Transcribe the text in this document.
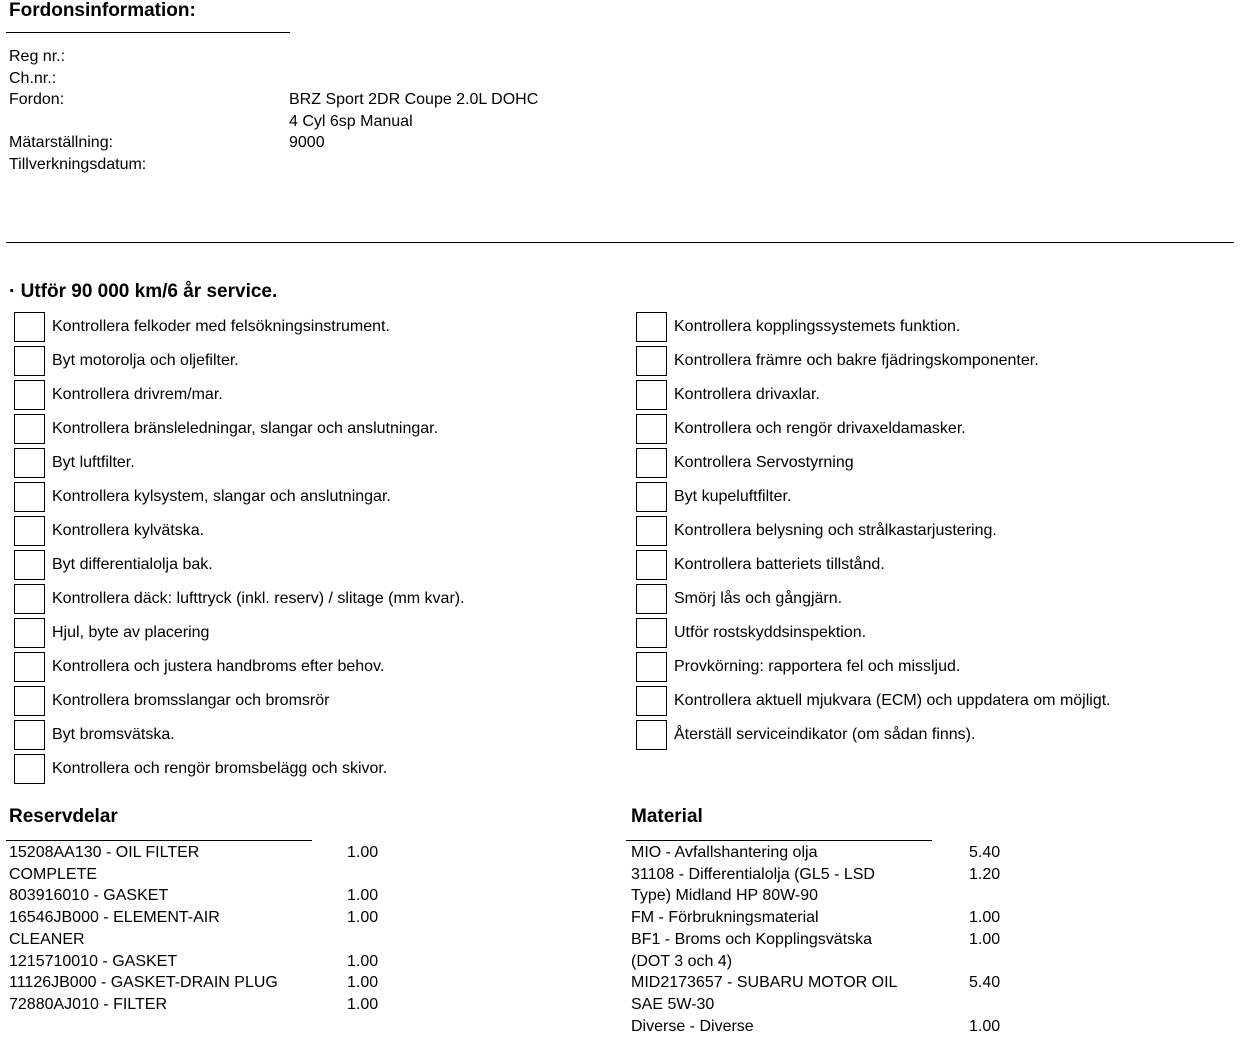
Fordonsinformation:
Reg nr.:
Ch.nr.:
Fordon:	BRZ Sport 2DR Coupe 2.0L DOHC
4 Cyl 6sp Manual
Mätarställning:	9000
Tillverkningsdatum:
· Utför 90 000 km/6 år service.
Kontrollera felkoder med felsökningsinstrument.
Byt motorolja och oljefilter.
Kontrollera drivrem/mar.
Kontrollera bränsleledningar, slangar och anslutningar.
Byt luftfilter.
Kontrollera kylsystem, slangar och anslutningar.
Kontrollera kylvätska.
Byt differentialolja bak.
Kontrollera däck: lufttryck (inkl. reserv) / slitage (mm kvar).
Hjul, byte av placering
Kontrollera och justera handbroms efter behov.
Kontrollera bromsslangar och bromsrör
Byt bromsvätska.
Kontrollera och rengör bromsbelägg och skivor.
Kontrollera kopplingssystemets funktion.
Kontrollera främre och bakre fjädringskomponenter.
Kontrollera drivaxlar.
Kontrollera och rengör drivaxeldamasker.
Kontrollera Servostyrning
Byt kupeluftfilter.
Kontrollera belysning och strålkastarjustering.
Kontrollera batteriets tillstånd.
Smörj lås och gångjärn.
Utför rostskyddsinspektion.
Provkörning: rapportera fel och missljud.
Kontrollera aktuell mjukvara (ECM) och uppdatera om möjligt.
Återställ serviceindikator (om sådan finns).
Reservdelar
15208AA130 - OIL FILTER	1.00
COMPLETE
803916010 - GASKET	1.00
16546JB000 - ELEMENT-AIR	1.00
CLEANER
1215710010 - GASKET	1.00
11126JB000 - GASKET-DRAIN PLUG	1.00
72880AJ010 - FILTER	1.00
Material
MIO - Avfallshantering olja	5.40
31108 - Differentialolja (GL5 - LSD	1.20
Type) Midland HP 80W-90
FM - Förbrukningsmaterial	1.00
BF1 - Broms och Kopplingsvätska	1.00
(DOT 3 och 4)
MID2173657 - SUBARU MOTOR OIL	5.40
SAE 5W-30
Diverse - Diverse	1.00
